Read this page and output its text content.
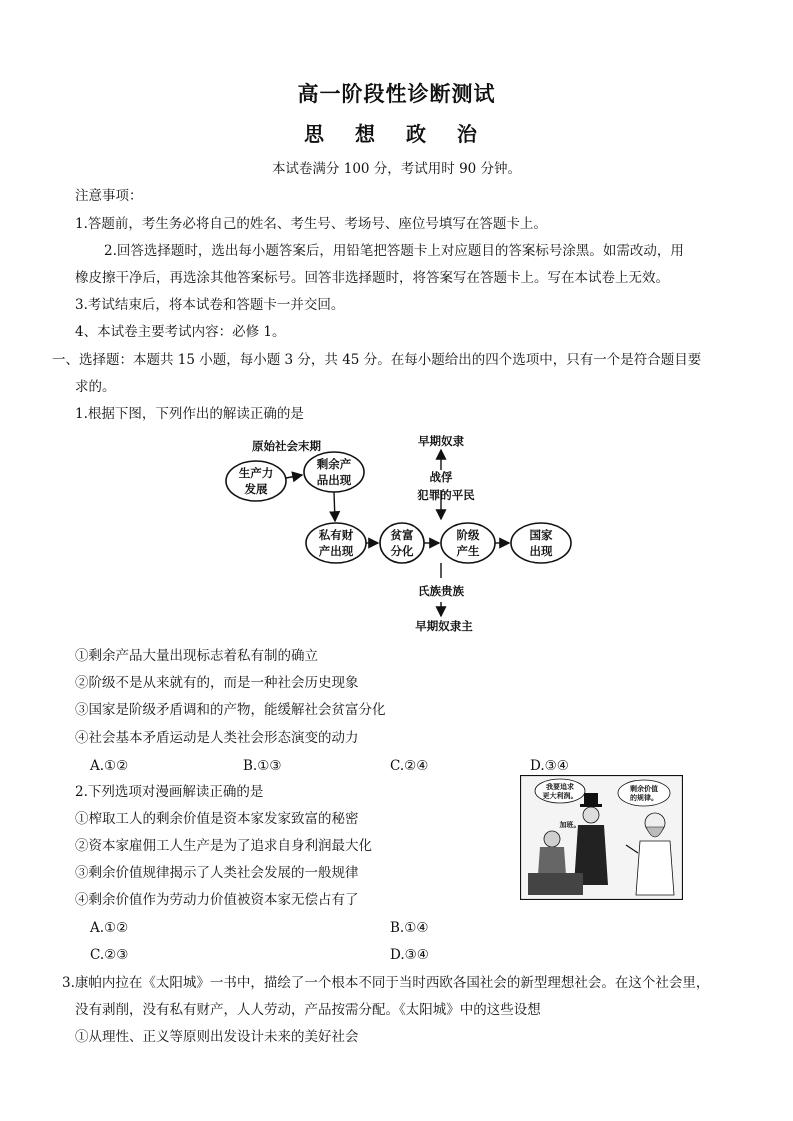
高一阶段性诊断测试
思 想 政 治
本试卷满分 100 分，考试用时 90 分钟。
注意事项：
1.答题前，考生务必将自己的姓名、考生号、考场号、座位号填写在答题卡上。
2.回答选择题时，选出每小题答案后，用铅笔把答题卡上对应题目的答案标号涂黑。如需改动，用
橡皮擦干净后，再选涂其他答案标号。回答非选择题时，将答案写在答题卡上。写在本试卷上无效。
3.考试结束后，将本试卷和答题卡一并交回。
4、本试卷主要考试内容：必修 1。
一、选择题：本题共 15 小题，每小题 3 分，共 45 分。在每小题给出的四个选项中，只有一个是符合题目要
求的。
1.根据下图，下列作出的解读正确的是
原始社会末期
生产力
发展
剩余产
品出现
私有财
产出现
贫富
分化
阶级
产生
国家
出现
早期奴隶
战俘
犯罪的平民
氏族贵族
早期奴隶主
①剩余产品大量出现标志着私有制的确立
②阶级不是从来就有的，而是一种社会历史现象
③国家是阶级矛盾调和的产物，能缓解社会贫富分化
④社会基本矛盾运动是人类社会形态演变的动力
A.①②	B.①③	C.②④	D.③④
2.下列选项对漫画解读正确的是
①榨取工人的剩余价值是资本家发家致富的秘密
②资本家雇佣工人生产是为了追求自身利润最大化
③剩余价值规律揭示了人类社会发展的一般规律
④剩余价值作为劳动力价值被资本家无偿占有了
A.①②	B.①④
C.②③	D.③④
我要追求
更大利润。
剩余价值
的规律。
加班。
3.康帕内拉在《太阳城》一书中，描绘了一个根本不同于当时西欧各国社会的新型理想社会。在这个社会里，
没有剥削，没有私有财产，人人劳动，产品按需分配。《太阳城》中的这些设想
①从理性、正义等原则出发设计未来的美好社会
